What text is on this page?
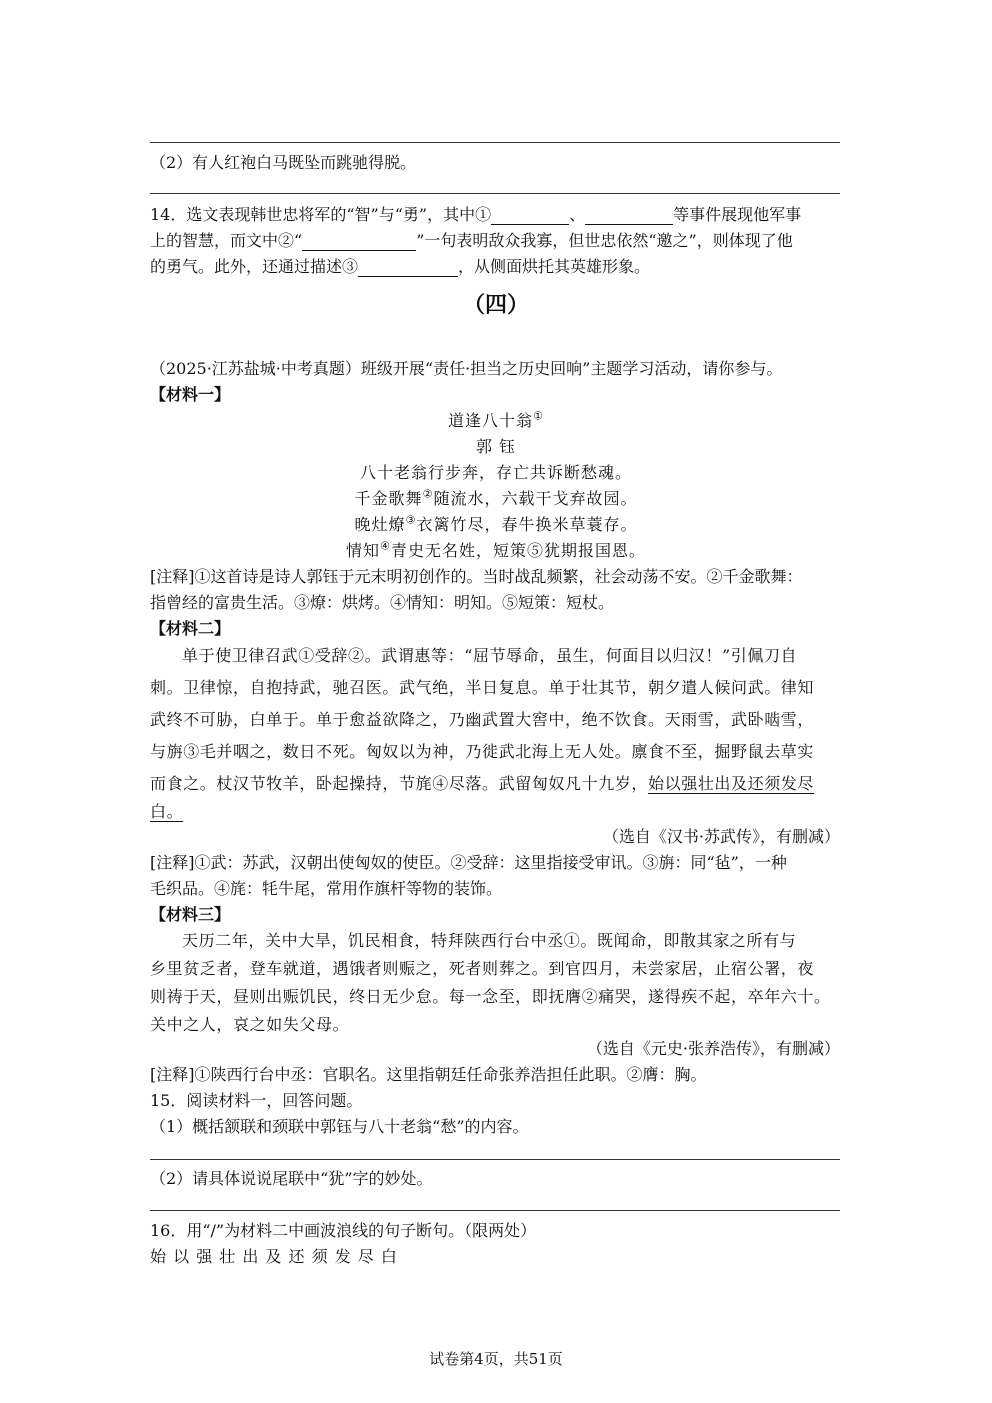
（2）有人红袍白马既坠而跳驰得脱。
14．选文表现韩世忠将军的“智”与“勇”，其中①	、	等事件展现他军事
上的智慧，而文中②“	”一句表明敌众我寡，但世忠依然“邀之”，则体现了他
的勇气。此外，还通过描述③	，从侧面烘托其英雄形象。
（四）
（2025·江苏盐城·中考真题）班级开展“责任·担当之历史回响”主题学习活动，请你参与。
【材料一】
道逢八十翁①
郭 钰
八十老翁行步奔，存亡共诉断愁魂。
千金歌舞②随流水，六载干戈弃故园。
晚灶燎③衣篱竹尽，春牛换米草蓑存。
情知④青史无名姓，短策⑤犹期报国恩。
[注释]①这首诗是诗人郭钰于元末明初创作的。当时战乱频繁，社会动荡不安。②千金歌舞：
指曾经的富贵生活。③燎：烘烤。④情知：明知。⑤短策：短杖。
【材料二】
单于使卫律召武①受辞②。武谓惠等：“屈节辱命，虽生，何面目以归汉！”引佩刀自
刺。卫律惊，自抱持武，驰召医。武气绝，半日复息。单于壮其节，朝夕遣人候问武。律知
武终不可胁，白单于。单于愈益欲降之，乃幽武置大窖中，绝不饮食。天雨雪，武卧啮雪，
与旃③毛并咽之，数日不死。匈奴以为神，乃徙武北海上无人处。廪食不至，掘野鼠去草实
而食之。杖汉节牧羊，卧起操持，节旄④尽落。武留匈奴凡十九岁，始以强壮出及还须发尽
白。
（选自《汉书·苏武传》，有删减）
[注释]①武：苏武，汉朝出使匈奴的使臣。②受辞：这里指接受审讯。③旃：同“毡”，一种
毛织品。④旄：牦牛尾，常用作旗杆等物的装饰。
【材料三】
天历二年，关中大旱，饥民相食，特拜陕西行台中丞①。既闻命，即散其家之所有与
乡里贫乏者，登车就道，遇饿者则赈之，死者则葬之。到官四月，未尝家居，止宿公署，夜
则祷于天，昼则出赈饥民，终日无少怠。每一念至，即抚膺②痛哭，遂得疾不起，卒年六十。
关中之人，哀之如失父母。
（选自《元史·张养浩传》，有删减）
[注释]①陕西行台中丞：官职名。这里指朝廷任命张养浩担任此职。②膺：胸。
15．阅读材料一，回答问题。
（1）概括颔联和颈联中郭钰与八十老翁“愁”的内容。
（2）请具体说说尾联中“犹”字的妙处。
16．用“/”为材料二中画波浪线的句子断句。（限两处）
始 以 强 壮 出 及 还 须 发 尽 白
试卷第4页，共51页
